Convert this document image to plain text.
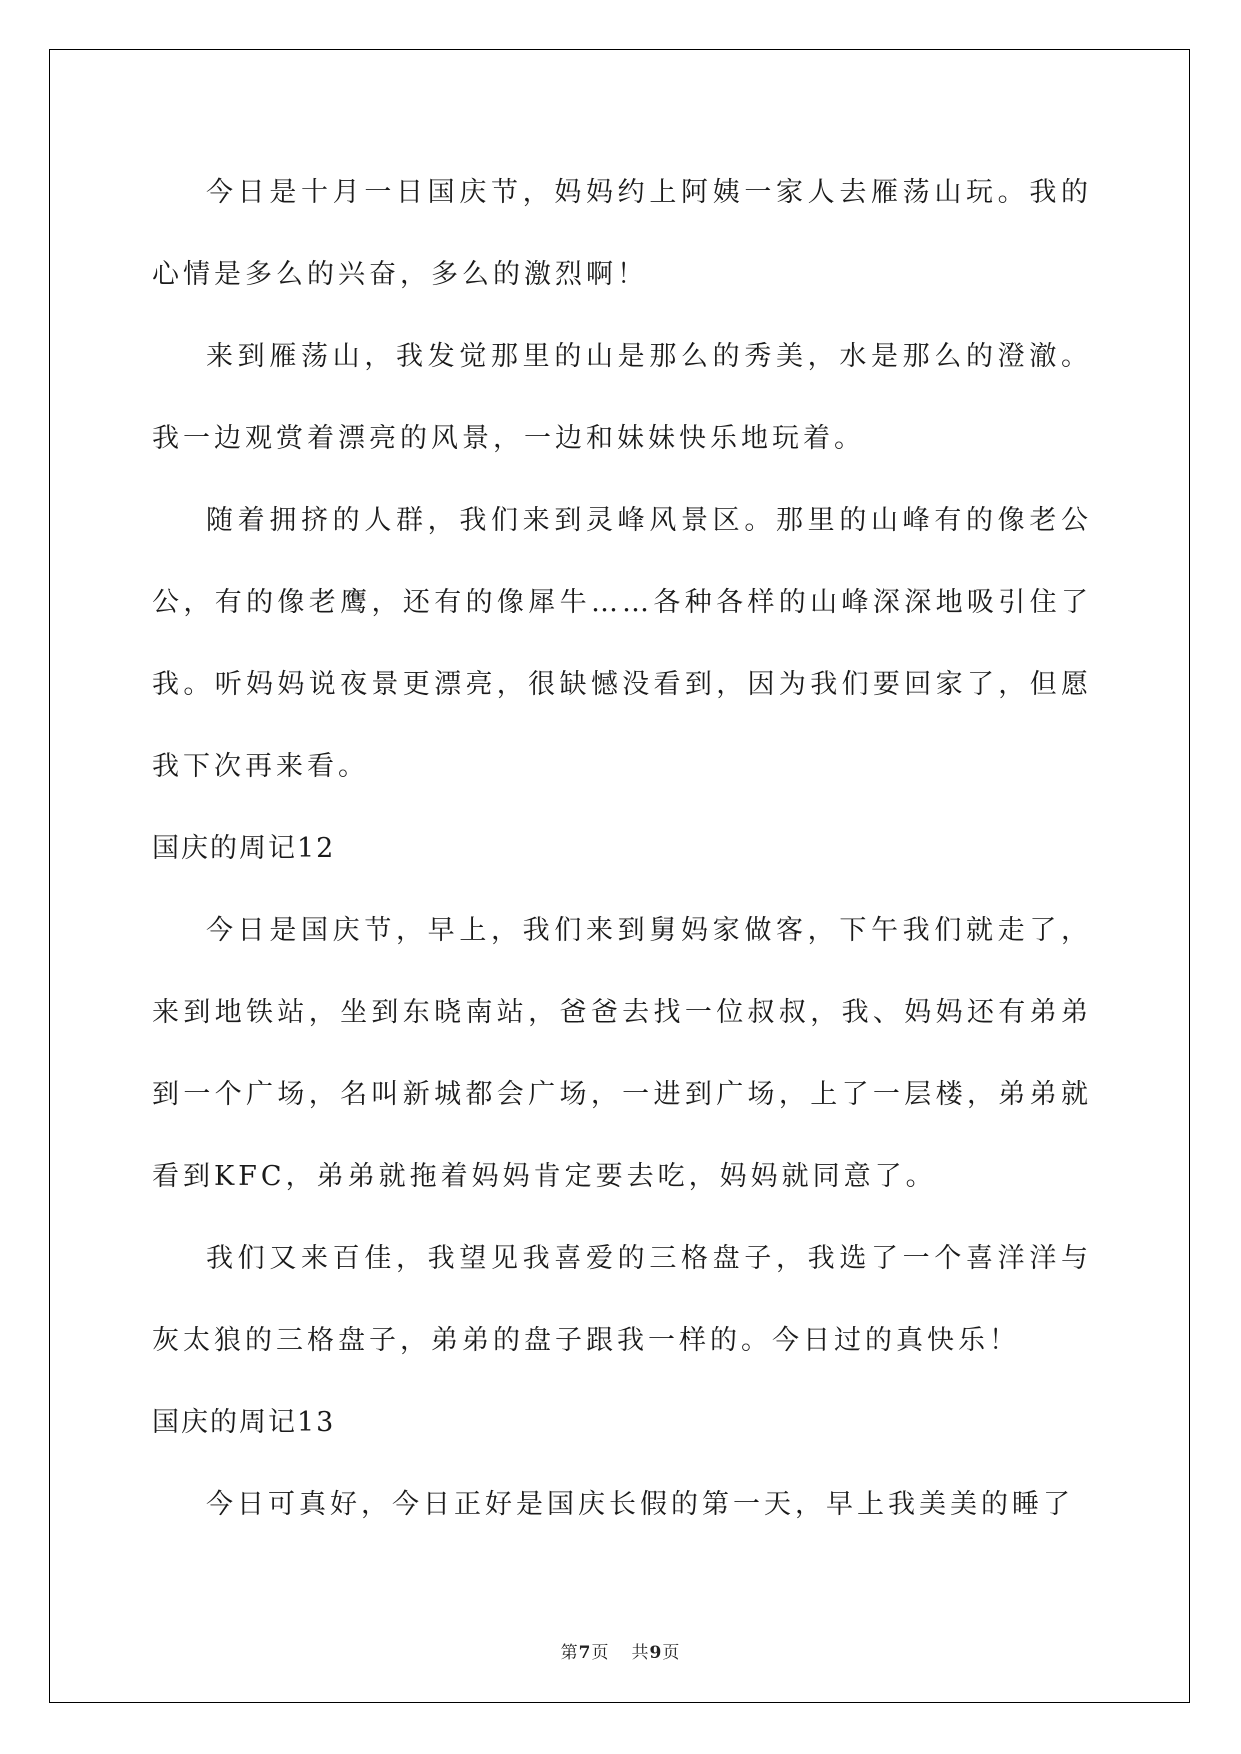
今日是十月一日国庆节，妈妈约上阿姨一家人去雁荡山玩。我的心情是多么的兴奋，多么的激烈啊！

来到雁荡山，我发觉那里的山是那么的秀美，水是那么的澄澈。我一边观赏着漂亮的风景，一边和妹妹快乐地玩着。

随着拥挤的人群，我们来到灵峰风景区。那里的山峰有的像老公公，有的像老鹰，还有的像犀牛……各种各样的山峰深深地吸引住了我。听妈妈说夜景更漂亮，很缺憾没看到，因为我们要回家了，但愿我下次再来看。

国庆的周记12

今日是国庆节，早上，我们来到舅妈家做客，下午我们就走了，来到地铁站，坐到东晓南站，爸爸去找一位叔叔，我、妈妈还有弟弟到一个广场，名叫新城都会广场，一进到广场，上了一层楼，弟弟就看到KFC，弟弟就拖着妈妈肯定要去吃，妈妈就同意了。

我们又来百佳，我望见我喜爱的三格盘子，我选了一个喜洋洋与灰太狼的三格盘子，弟弟的盘子跟我一样的。今日过的真快乐！

国庆的周记13

今日可真好，今日正好是国庆长假的第一天，早上我美美的睡了

第7页 共9页
